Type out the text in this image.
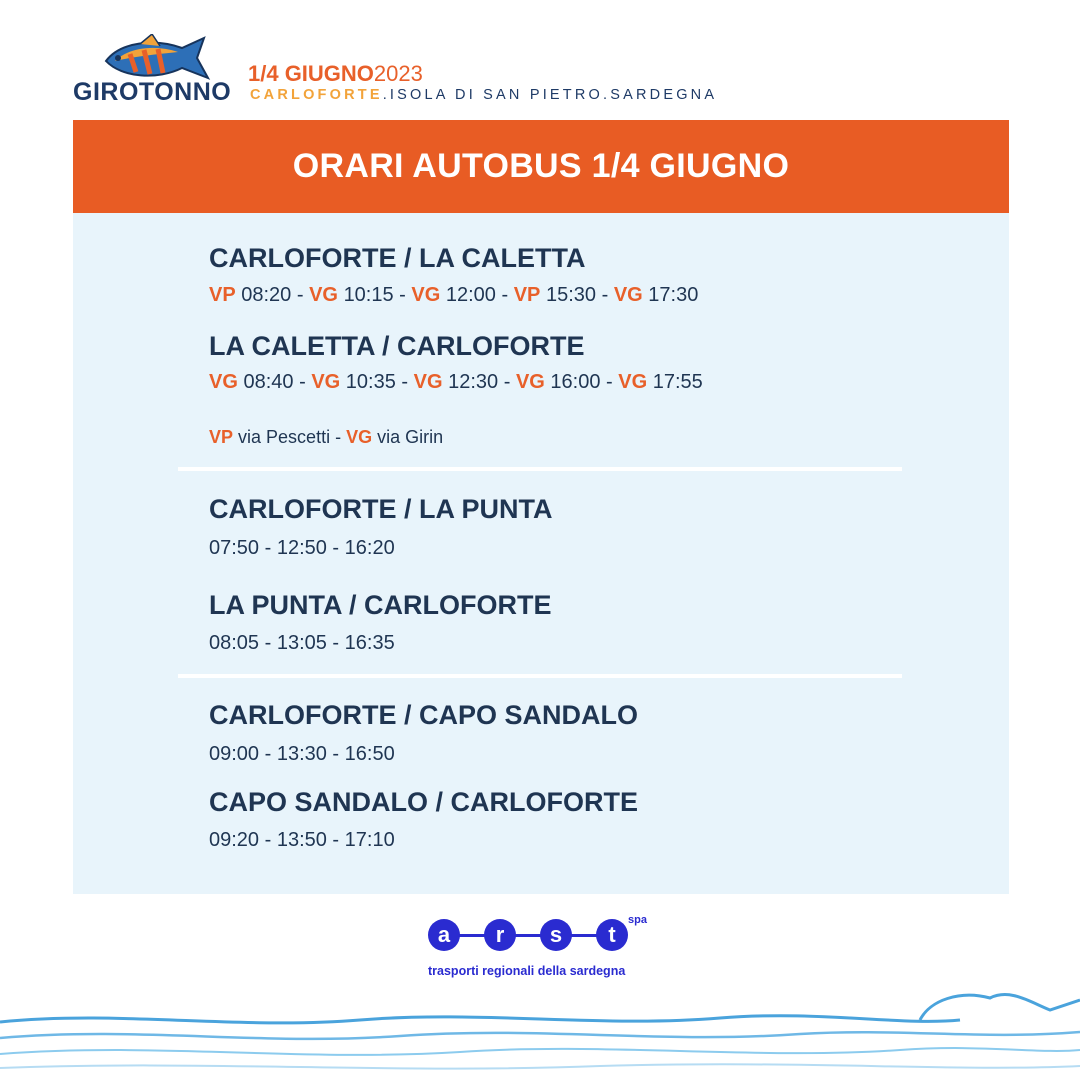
GIROTONNO
1/4 GIUGNO2023
CARLOFORTE.ISOLA DI SAN PIETRO.SARDEGNA
ORARI AUTOBUS 1/4 GIUGNO
CARLOFORTE / LA CALETTA
VP 08:20 - VG 10:15 - VG 12:00 - VP 15:30 - VG 17:30
LA CALETTA / CARLOFORTE
VG 08:40 - VG 10:35 - VG 12:30 - VG 16:00 - VG 17:55
VP via Pescetti - VG via Girin
CARLOFORTE / LA PUNTA
07:50 - 12:50 - 16:20
LA PUNTA / CARLOFORTE
08:05 - 13:05 - 16:35
CARLOFORTE / CAPO SANDALO
09:00 - 13:30 - 16:50
CAPO SANDALO / CARLOFORTE
09:20 - 13:50 - 17:10
a	r	s	t
spa
trasporti regionali della sardegna
